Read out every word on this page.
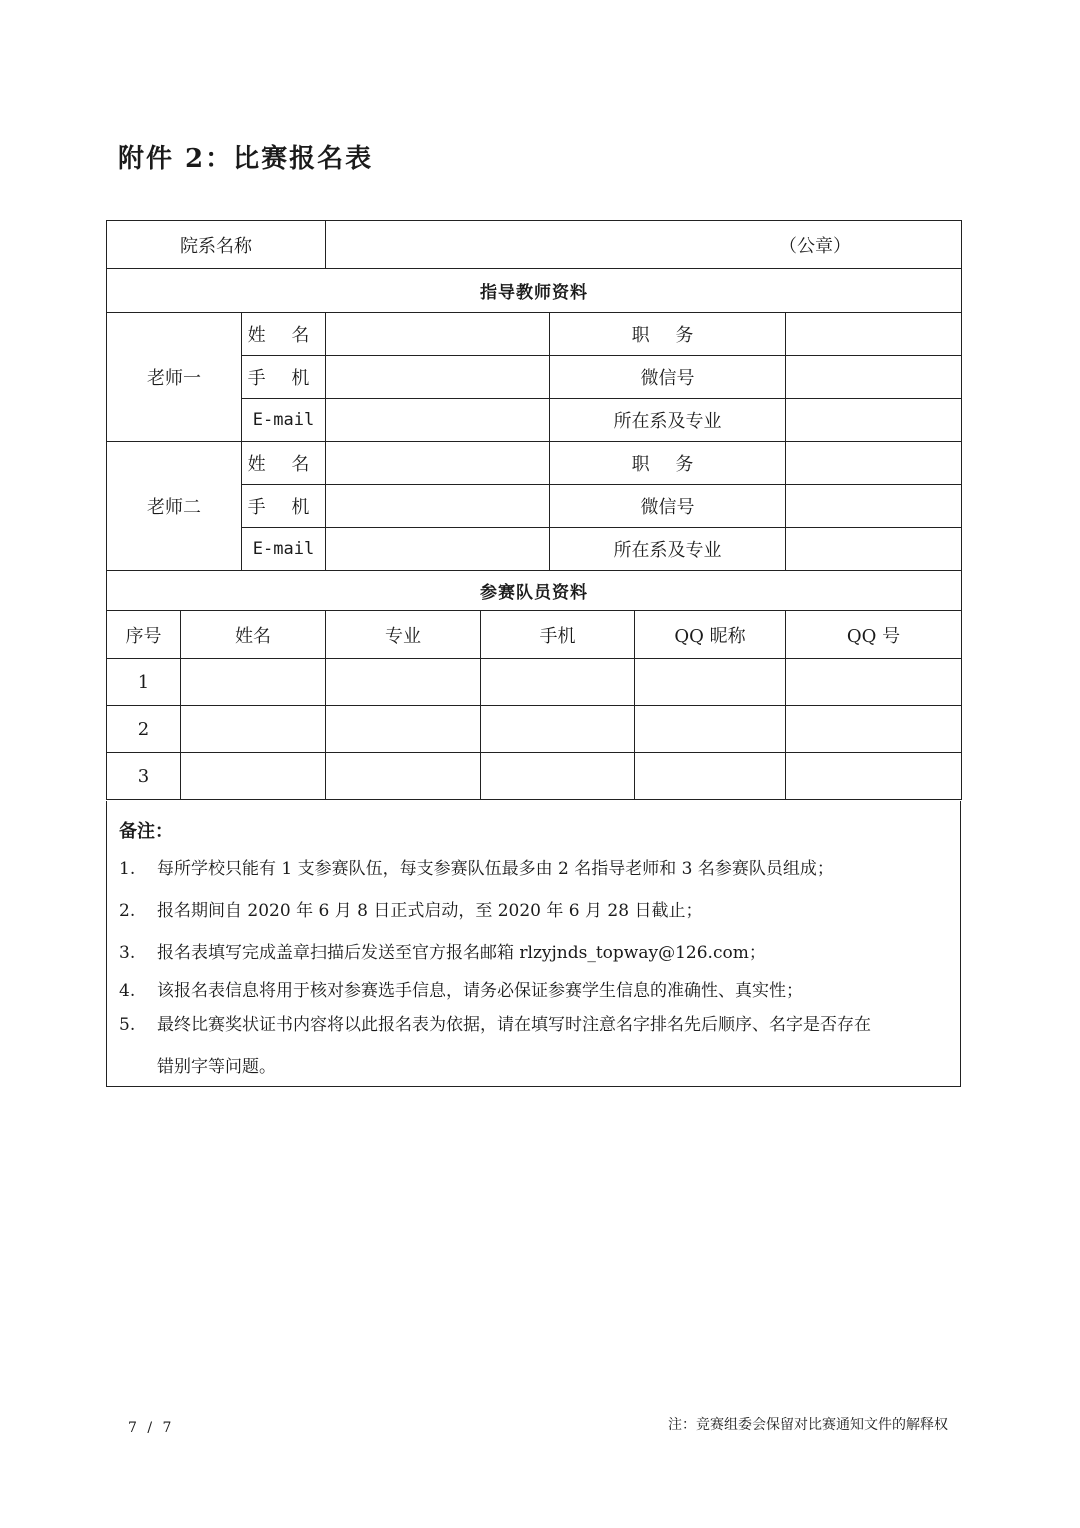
附件 2：比赛报名表
院系名称			（公章）				
指导教师资料							
老师一		姓 名			职 务		
		手 机			微信号		
		E-mail			所在系及专业		
老师二		姓 名			职 务		
		手 机			微信号		
		E-mail			所在系及专业		
参赛队员资料							
序号	姓名		专业	手机		QQ 昵称	QQ 号
1							
2							
3							
备注：
1. 每所学校只能有 1 支参赛队伍，每支参赛队伍最多由 2 名指导老师和 3 名参赛队员组成；
2. 报名期间自 2020 年 6 月 8 日正式启动，至 2020 年 6 月 28 日截止；
3. 报名表填写完成盖章扫描后发送至官方报名邮箱 rlzyjnds_topway@126.com；
4. 该报名表信息将用于核对参赛选手信息，请务必保证参赛学生信息的准确性、真实性；
5. 最终比赛奖状证书内容将以此报名表为依据，请在填写时注意名字排名先后顺序、名字是否存在
错别字等问题。
7 / 7	注：竞赛组委会保留对比赛通知文件的解释权
